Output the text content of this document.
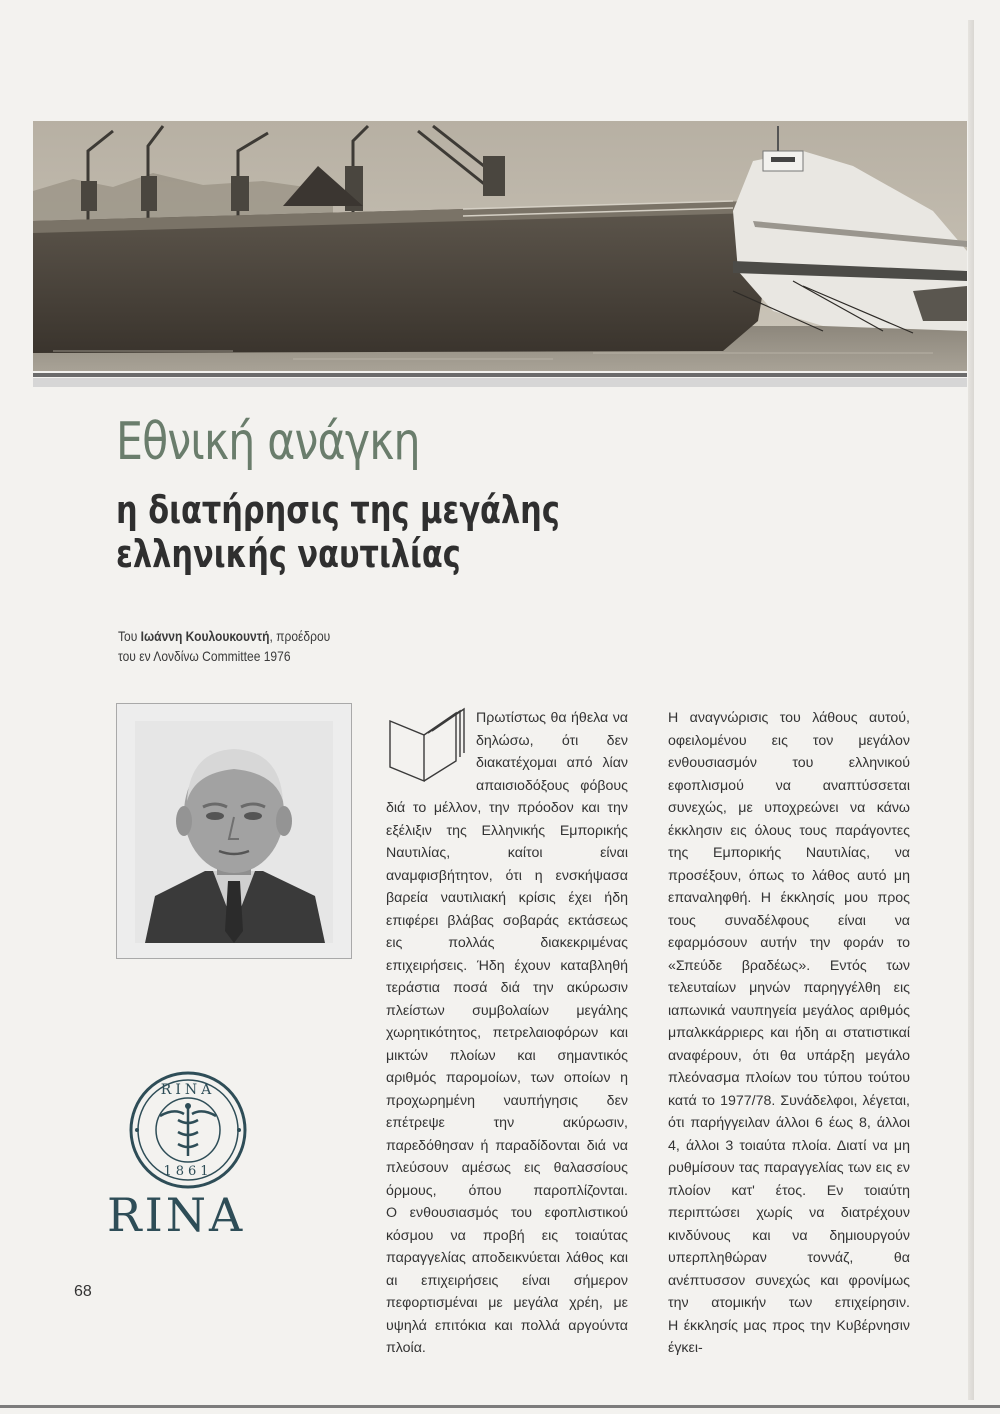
Εθνική ανάγκη
η διατήρησις της μεγάλης
ελληνικής ναυτιλίας
Του Ιωάννη Κουλουκουντή, προέδρου
του εν Λονδίνω Committee 1976
RINA
1861
RINA

Πρωτίστως θα ήθελα να δηλώσω, ότι δεν διακατέχομαι από λίαν απαισιοδόξους φόβους διά το μέλλον, την πρόοδον και την εξέλιξιν της Ελληνικής Εμπορικής Ναυτιλίας, καίτοι είναι αναμφισβήτητον, ότι η ενσκήψασα βαρεία ναυτιλιακή κρίσις έχει ήδη επιφέρει βλάβας σοβαράς εκτάσεως εις πολλάς διακεκριμένας επιχειρήσεις. Ήδη έχουν καταβληθή τεράστια ποσά διά την ακύρωσιν πλείστων συμβολαίων μεγάλης χωρητικότητος, πετρελαιοφόρων και μικτών πλοίων και σημαντικός αριθμός παρομοίων, των οποίων η προχωρημένη ναυπήγησις δεν επέτρεψε την ακύρωσιν, παρεδόθησαν ή παραδίδονται διά να πλεύσουν αμέσως εις θαλασσίους όρμους, όπου παροπλίζονται.

Ο ενθουσιασμός του εφοπλιστικού κόσμου να προβή εις τοιαύτας παραγγελίας αποδεικνύεται λάθος και αι επιχειρήσεις είναι σήμερον πεφορτισμέναι με μεγάλα χρέη, με υψηλά επιτόκια και πολλά αργούντα πλοία.

Η αναγνώρισις του λάθους αυτού, οφειλομένου εις τον μεγάλον ενθουσιασμόν του ελληνικού εφοπλισμού να αναπτύσσεται συνεχώς, με υποχρεώνει να κάνω έκκλησιν εις όλους τους παράγοντες της Εμπορικής Ναυτιλίας, να προσέξουν, όπως το λάθος αυτό μη επαναληφθή. Η έκκλησίς μου προς τους συναδέλφους είναι να εφαρμόσουν αυτήν την φοράν το «Σπεύδε βραδέως». Εντός των τελευταίων μηνών παρηγγέλθη εις ιαπωνικά ναυπηγεία μεγάλος αριθμός μπαλκκάρριερς και ήδη αι στατιστικαί αναφέρουν, ότι θα υπάρξη μεγάλο πλεόνασμα πλοίων του τύπου τούτου κατά το 1977/78. Συνάδελφοι, λέγεται, ότι παρήγγειλαν άλλοι 6 έως 8, άλλοι 4, άλλοι 3 τοιαύτα πλοία. Διατί να μη ρυθμίσουν τας παραγγελίας των εις εν πλοίον κατ' έτος. Εν τοιαύτη περιπτώσει χωρίς να διατρέχουν κινδύνους και να δημιουργούν υπερπληθώραν τοννάζ, θα ανέπτυσσον συνεχώς και φρονίμως την ατομικήν των επιχείρησιν.

Η έκκλησίς μας προς την Κυβέρνησιν έγκει-

68
